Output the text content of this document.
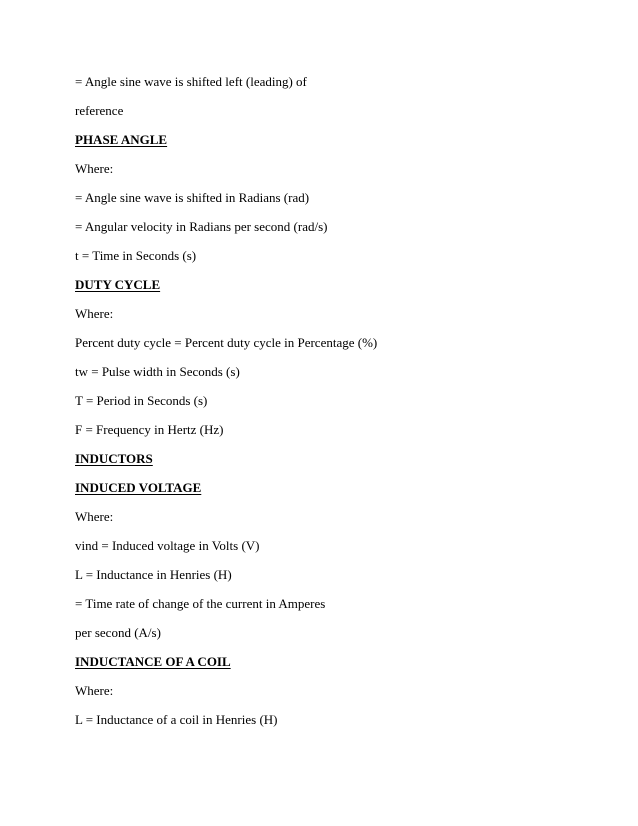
= Angle sine wave is shifted left (leading) of

reference

PHASE ANGLE

Where:

= Angle sine wave is shifted in Radians (rad)

= Angular velocity in Radians per second (rad/s)

t = Time in Seconds (s)

DUTY CYCLE

Where:

Percent duty cycle = Percent duty cycle in Percentage (%)

tw = Pulse width in Seconds (s)

T = Period in Seconds (s)

F = Frequency in Hertz (Hz)

INDUCTORS

INDUCED VOLTAGE

Where:

vind = Induced voltage in Volts (V)

L = Inductance in Henries (H)

= Time rate of change of the current in Amperes

per second (A/s)

INDUCTANCE OF A COIL

Where:

L = Inductance of a coil in Henries (H)
